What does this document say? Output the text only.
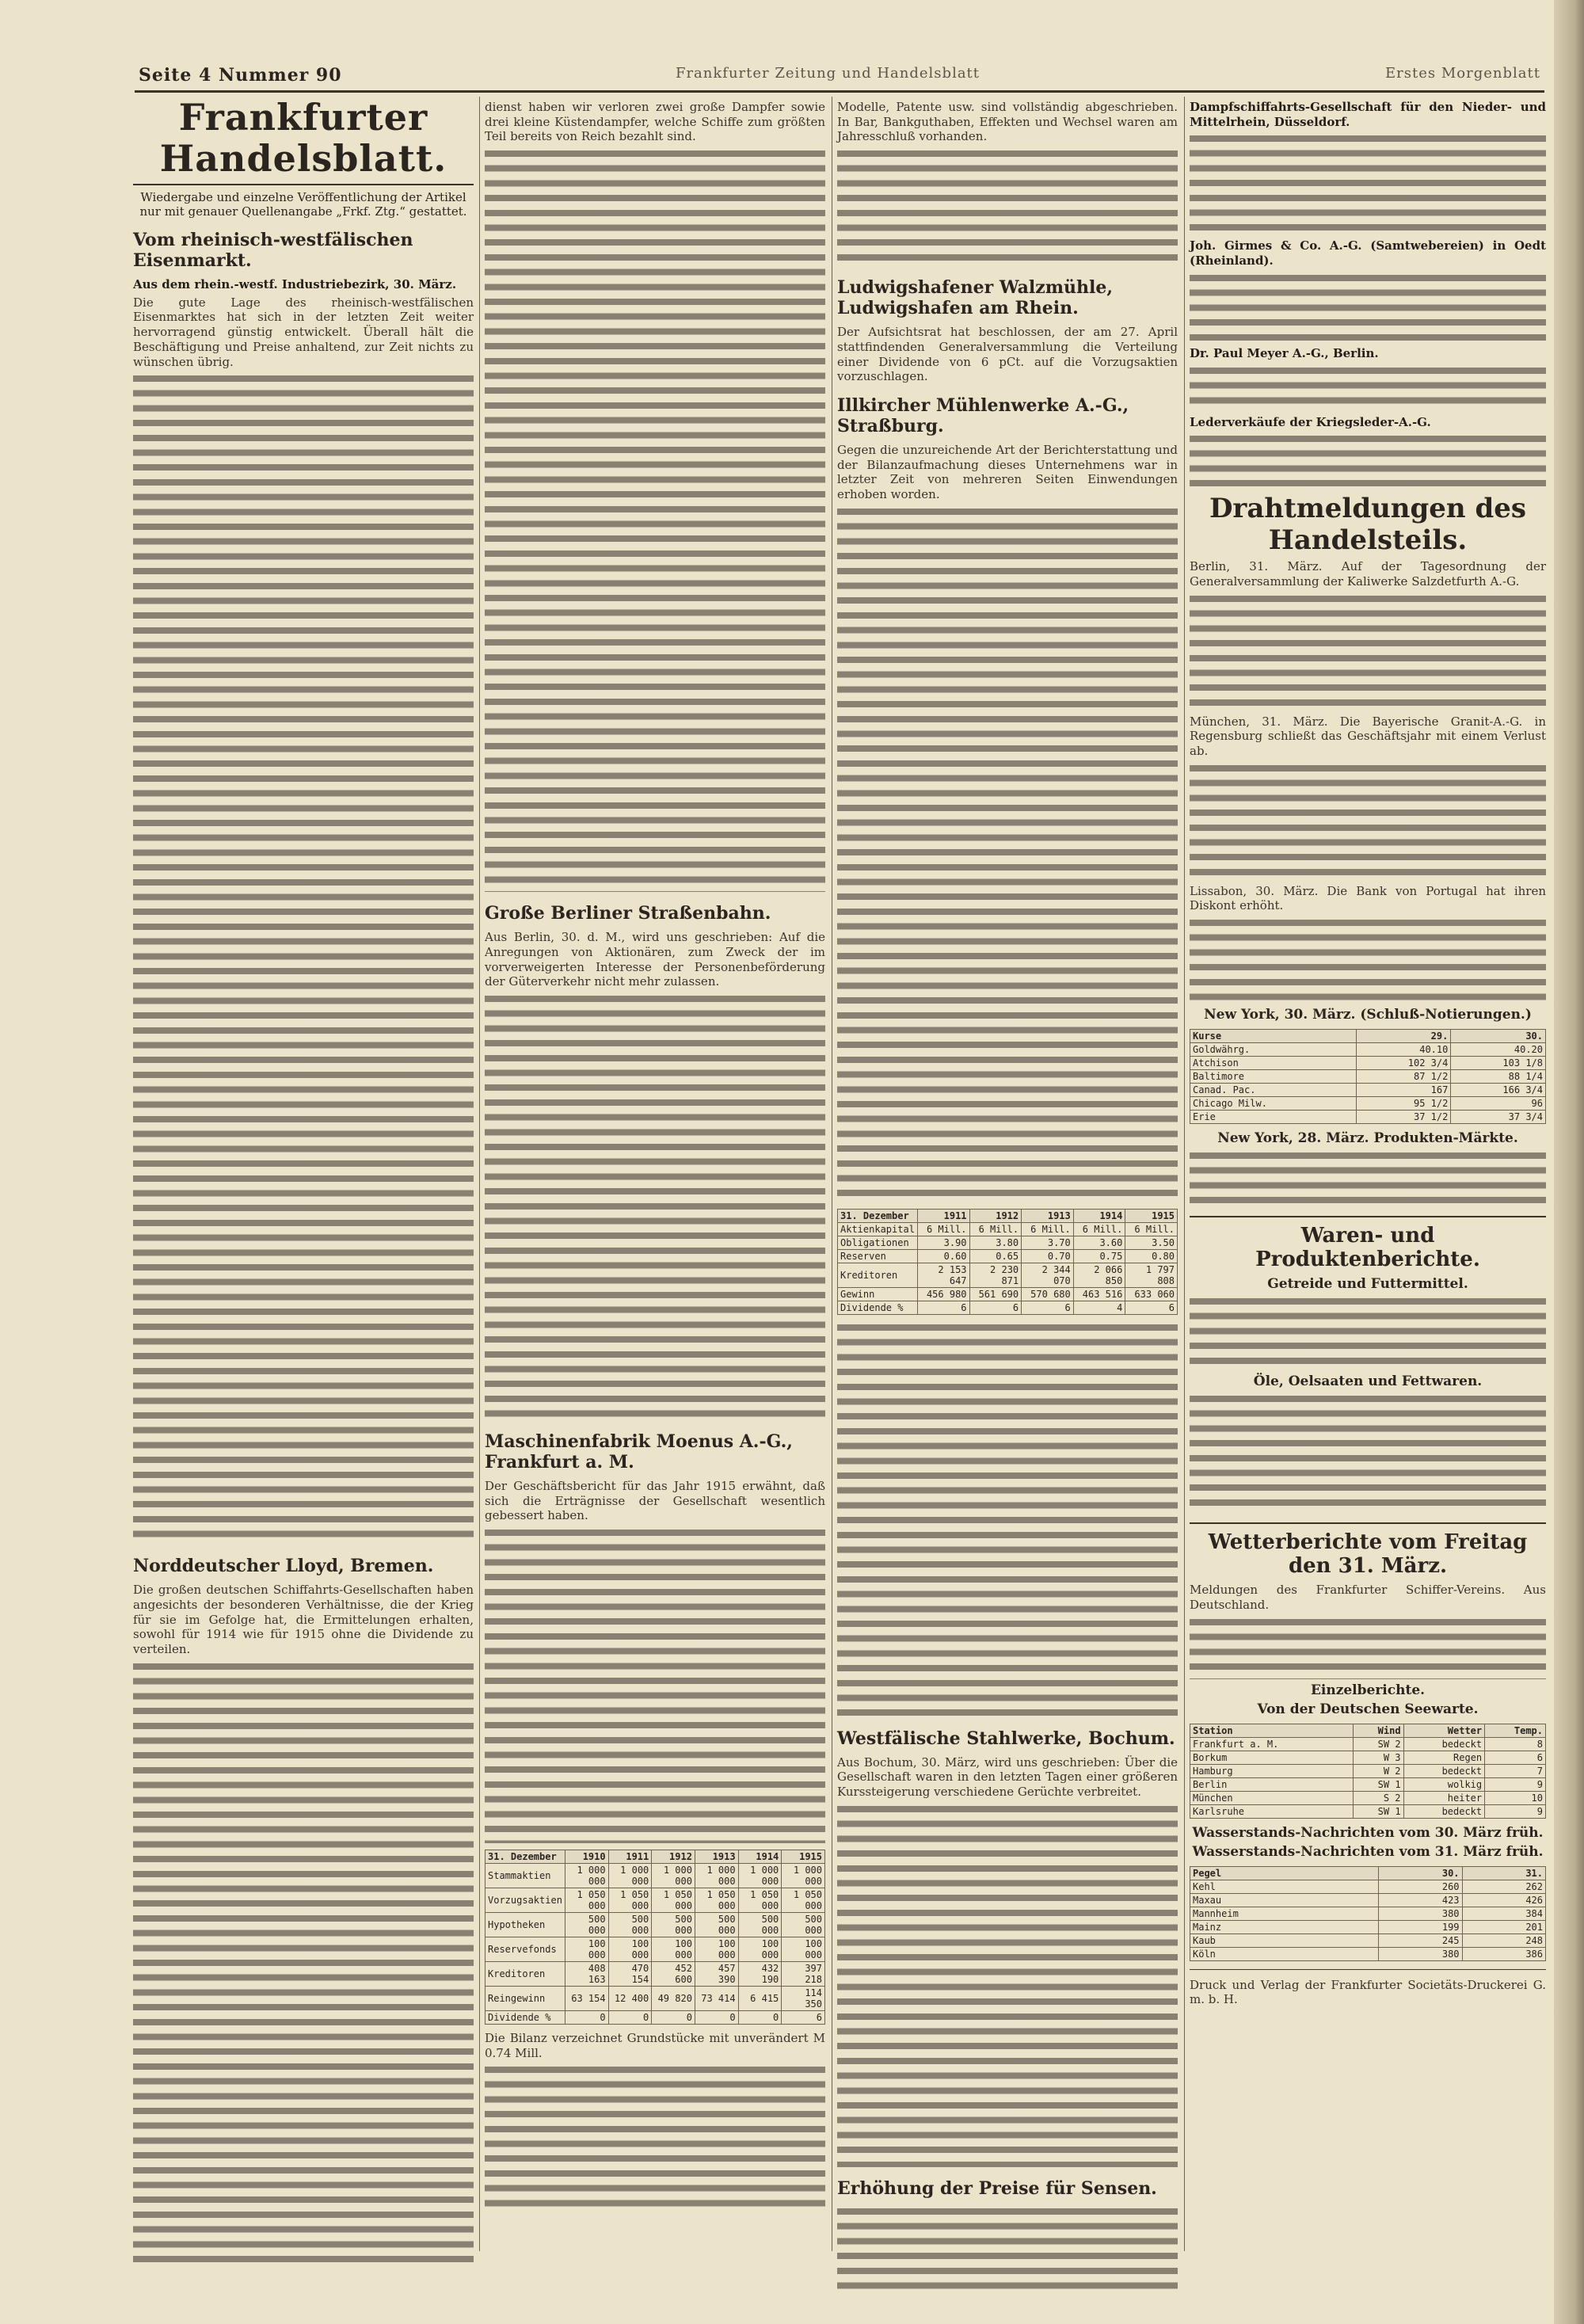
Seite 4 Nummer 90	Frankfurter Zeitung und Handelsblatt	Erstes Morgenblatt
Frankfurter Handelsblatt.
Wiedergabe und einzelne Veröffentlichung der Artikel nur mit genauer Quellenangabe „Frkf. Ztg.“ gestattet.
Vom rheinisch-westfälischen Eisenmarkt.
Aus dem rhein.-westf. Industriebezirk, 30. März.
Die gute Lage des rheinisch-westfälischen Eisenmarktes hat sich in der letzten Zeit weiter hervorragend günstig entwickelt. Überall hält die Beschäftigung und Preise anhaltend, zur Zeit nichts zu wünschen übrig.
Norddeutscher Lloyd, Bremen.
Die großen deutschen Schiffahrts-Gesellschaften haben angesichts der besonderen Verhältnisse, die der Krieg für sie im Gefolge hat, die Ermittelungen erhalten, sowohl für 1914 wie für 1915 ohne die Dividende zu verteilen.
dienst haben wir verloren zwei große Dampfer sowie drei kleine Küstendampfer, welche Schiffe zum größten Teil bereits von Reich bezahlt sind.
Große Berliner Straßenbahn.
Aus Berlin, 30. d. M., wird uns geschrieben: Auf die Anregungen von Aktionären, zum Zweck der im vorverweigerten Interesse der Personenbeförderung der Güterverkehr nicht mehr zulassen.
Maschinenfabrik Moenus A.-G., Frankfurt a. M.
Der Geschäftsbericht für das Jahr 1915 erwähnt, daß sich die Erträgnisse der Gesellschaft wesentlich gebessert haben.
31. Dezember	1910	1911	1912	1913	1914	1915
Stammaktien	1 000 000	1 000 000	1 000 000	1 000 000	1 000 000	1 000 000
Vorzugsaktien	1 050 000	1 050 000	1 050 000	1 050 000	1 050 000	1 050 000
Hypotheken	500 000	500 000	500 000	500 000	500 000	500 000
Reservefonds	100 000	100 000	100 000	100 000	100 000	100 000
Kreditoren	408 163	470 154	452 600	457 390	432 190	397 218
Reingewinn	63 154	12 400	49 820	73 414	6 415	114 350
Dividende %	0	0	0	0	0	6
Die Bilanz verzeichnet Grundstücke mit unverändert M 0.74 Mill.
Modelle, Patente usw. sind vollständig abgeschrieben. In Bar, Bankguthaben, Effekten und Wechsel waren am Jahresschluß vorhanden.
Ludwigshafener Walzmühle, Ludwigshafen am Rhein.
Der Aufsichtsrat hat beschlossen, der am 27. April stattfindenden Generalversammlung die Verteilung einer Dividende von 6 pCt. auf die Vorzugsaktien vorzuschlagen.
Illkircher Mühlenwerke A.-G., Straßburg.
Gegen die unzureichende Art der Berichterstattung und der Bilanzaufmachung dieses Unternehmens war in letzter Zeit von mehreren Seiten Einwendungen erhoben worden.
31. Dezember	1911	1912	1913	1914	1915
Aktienkapital	6 Mill.	6 Mill.	6 Mill.	6 Mill.	6 Mill.
Obligationen	3.90	3.80	3.70	3.60	3.50
Reserven	0.60	0.65	0.70	0.75	0.80
Kreditoren	2 153 647	2 230 871	2 344 070	2 066 850	1 797 808
Gewinn	456 980	561 690	570 680	463 516	633 060
Dividende %	6	6	6	4	6
Westfälische Stahlwerke, Bochum.
Aus Bochum, 30. März, wird uns geschrieben: Über die Gesellschaft waren in den letzten Tagen einer größeren Kurssteigerung verschiedene Gerüchte verbreitet.
Erhöhung der Preise für Sensen.
Dampfschiffahrts-Gesellschaft für den Nieder- und Mittelrhein, Düsseldorf.
Joh. Girmes & Co. A.-G. (Samtwebereien) in Oedt (Rheinland).
Dr. Paul Meyer A.-G., Berlin.
Lederverkäufe der Kriegsleder-A.-G.
Drahtmeldungen des Handelsteils.
Berlin, 31. März. Auf der Tagesordnung der Generalversammlung der Kaliwerke Salzdetfurth A.-G.
München, 31. März. Die Bayerische Granit-A.-G. in Regensburg schließt das Geschäftsjahr mit einem Verlust ab.
Lissabon, 30. März. Die Bank von Portugal hat ihren Diskont erhöht.
New York, 30. März. (Schluß-Notierungen.)
Kurse	29.	30.
Goldwährg.	40.10	40.20
Atchison	102 3/4	103 1/8
Baltimore	87 1/2	88 1/4
Canad. Pac.	167	166 3/4
Chicago Milw.	95 1/2	96
Erie	37 1/2	37 3/4
New York, 28. März. Produkten-Märkte.
Waren- und Produktenberichte.
Getreide und Futtermittel.
Öle, Oelsaaten und Fettwaren.
Wetterberichte vom Freitag den 31. März.
Meldungen des Frankfurter Schiffer-Vereins. Aus Deutschland.
Einzelberichte.
Von der Deutschen Seewarte.
Station	Wind	Wetter	Temp.
Frankfurt a. M.	SW 2	bedeckt	8
Borkum	W 3	Regen	6
Hamburg	W 2	bedeckt	7
Berlin	SW 1	wolkig	9
München	S 2	heiter	10
Karlsruhe	SW 1	bedeckt	9
Wasserstands-Nachrichten vom 30. März früh.
Wasserstands-Nachrichten vom 31. März früh.
Pegel	30.	31.
Kehl	260	262
Maxau	423	426
Mannheim	380	384
Mainz	199	201
Kaub	245	248
Köln	380	386
Druck und Verlag der Frankfurter Societäts-Druckerei G. m. b. H.
